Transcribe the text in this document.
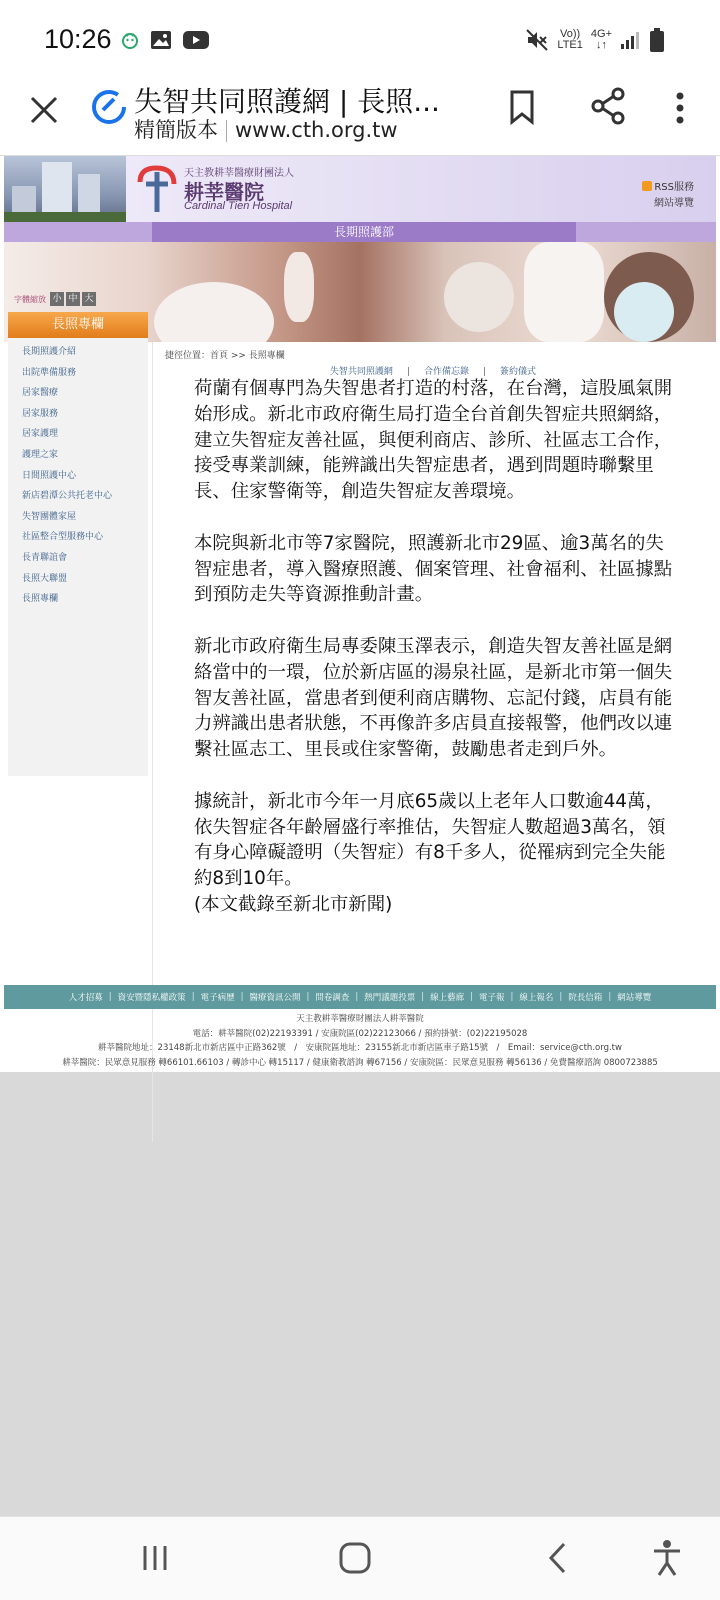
10:26	Vo))
LTE1
4G+
↓↑
失智共同照護網 | 長照...
精簡版本 www.cth.org.tw
天主教耕莘醫療財團法人
耕莘醫院
Cardinal Tien Hospital
RSS服務
網站導覽
長期照護部
字體縮放 小 中 大
長照專欄
長期照護介紹
出院準備服務
居家醫療
居家服務
居家護理
護理之家
日間照護中心
新店碧潭公共托老中心
失智團體家屋
社區整合型服務中心
長青聯誼會
長照大聯盟
長照專欄
捷徑位置：首頁 >> 長照專欄
失智共同照護網 | 合作備忘錄 | 簽約儀式

荷蘭有個專門為失智患者打造的村落，在台灣，這股風氣開始形成。新北市政府衛生局打造全台首創失智症共照網絡，建立失智症友善社區，與便利商店、診所、社區志工合作，接受專業訓練，能辨識出失智症患者，遇到問題時聯繫里長、住家警衛等，創造失智症友善環境。

本院與新北市等7家醫院，照護新北市29區、逾3萬名的失智症患者，導入醫療照護、個案管理、社會福利、社區據點到預防走失等資源推動計畫。

新北市政府衛生局專委陳玉澤表示，創造失智友善社區是網絡當中的一環，位於新店區的湯泉社區，是新北市第一個失智友善社區，當患者到便利商店購物、忘記付錢，店員有能力辨識出患者狀態，不再像許多店員直接報警，他們改以連繫社區志工、里長或住家警衛，鼓勵患者走到戶外。

據統計，新北市今年一月底65歲以上老年人口數逾44萬，依失智症各年齡層盛行率推估，失智症人數超過3萬名，領有身心障礙證明（失智症）有8千多人，從罹病到完全失能約8到10年。

(本文截錄至新北市新聞)

人才招募 | 資安暨隱私權政策 | 電子病歷 | 醫療資訊公開 | 問卷調查 | 熱門議題投票 | 線上藝廊 | 電子報 | 線上報名 | 院長信箱 | 網站導覽
天主教耕莘醫療財團法人耕莘醫院
電話：耕莘醫院(02)22193391 / 安康院區(02)22123066 / 預約掛號：(02)22195028
耕莘醫院地址：23148新北市新店區中正路362號　/　安康院區地址：23155新北市新店區車子路15號　/　Email：service@cth.org.tw
耕莘醫院：民眾意見服務 轉66101.66103 / 轉診中心 轉15117 / 健康衛教諮詢 轉67156 / 安康院區：民眾意見服務 轉56136 / 免費醫療諮詢 0800723885
